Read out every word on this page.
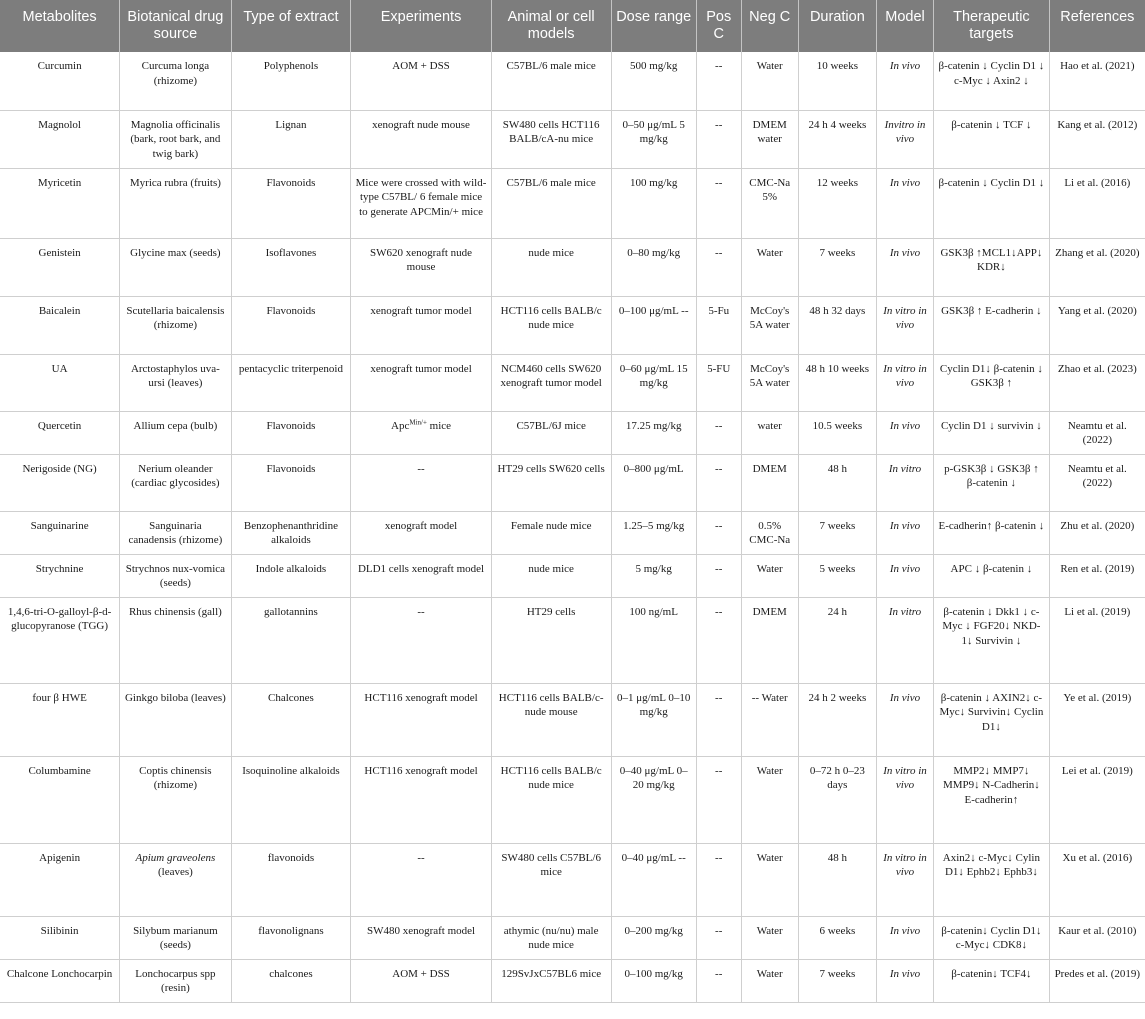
Metabolites	Biotanical drug source	Type of extract	Experiments	Animal or cell models	Dose range	Pos C	Neg C	Duration	Model	Therapeutic targets	References
Curcumin	Curcuma longa (rhizome)	Polyphenols	AOM + DSS	C57BL/6 male mice	500 mg/kg	--	Water	10 weeks	In vivo	β-catenin ↓ Cyclin D1 ↓ c-Myc ↓ Axin2 ↓	Hao et al. (2021)
Magnolol	Magnolia officinalis (bark, root bark, and twig bark)	Lignan	xenograft nude mouse	SW480 cells HCT116 BALB/cA-nu mice	0–50 μg/mL 5 mg/kg	--	DMEM water	24 h 4 weeks	Invitro in vivo	β-catenin ↓ TCF ↓	Kang et al. (2012)
Myricetin	Myrica rubra (fruits)	Flavonoids	Mice were crossed with wild-type C57BL/ 6 female mice to generate APCMin/+ mice	C57BL/6 male mice	100 mg/kg	--	CMC-Na 5%	12 weeks	In vivo	β-catenin ↓ Cyclin D1 ↓	Li et al. (2016)
Genistein	Glycine max (seeds)	Isoflavones	SW620 xenograft nude mouse	nude mice	0–80 mg/kg	--	Water	7 weeks	In vivo	GSK3β ↑MCL1↓APP↓ KDR↓	Zhang et al. (2020)
Baicalein	Scutellaria baicalensis (rhizome)	Flavonoids	xenograft tumor model	HCT116 cells BALB/c nude mice	0–100 μg/mL --	5-Fu	McCoy's 5A water	48 h 32 days	In vitro in vivo	GSK3β ↑ E-cadherin ↓	Yang et al. (2020)
UA	Arctostaphylos uva-ursi (leaves)	pentacyclic triterpenoid	xenograft tumor model	NCM460 cells SW620 xenograft tumor model	0–60 μg/mL 15 mg/kg	5-FU	McCoy's 5A water	48 h 10 weeks	In vitro in vivo	Cyclin D1↓ β-catenin ↓ GSK3β ↑	Zhao et al. (2023)
Quercetin	Allium cepa (bulb)	Flavonoids	Apc$^{Min/+}$ mice	C57BL/6J mice	17.25 mg/kg	--	water	10.5 weeks	In vivo	Cyclin D1 ↓ survivin ↓	Neamtu et al. (2022)
Nerigoside (NG)	Nerium oleander (cardiac glycosides)	Flavonoids	--	HT29 cells SW620 cells	0–800 μg/mL	--	DMEM	48 h	In vitro	p-GSK3β ↓ GSK3β ↑ β-catenin ↓	Neamtu et al. (2022)
Sanguinarine	Sanguinaria canadensis (rhizome)	Benzophenanthridine alkaloids	xenograft model	Female nude mice	1.25–5 mg/kg	--	0.5% CMC-Na	7 weeks	In vivo	E-cadherin↑ β-catenin ↓	Zhu et al. (2020)
Strychnine	Strychnos nux-vomica (seeds)	Indole alkaloids	DLD1 cells xenograft model	nude mice	5 mg/kg	--	Water	5 weeks	In vivo	APC ↓ β-catenin ↓	Ren et al. (2019)
1,4,6-tri-O-galloyl-β-d-glucopyranose (TGG)	Rhus chinensis (gall)	gallotannins	--	HT29 cells	100 ng/mL	--	DMEM	24 h	In vitro	β-catenin ↓ Dkk1 ↓ c-Myc ↓ FGF20↓ NKD-1↓ Survivin ↓	Li et al. (2019)
four β HWE	Ginkgo biloba (leaves)	Chalcones	HCT116 xenograft model	HCT116 cells BALB/c-nude mouse	0–1 μg/mL 0–10 mg/kg	--	-- Water	24 h 2 weeks	In vivo	β-catenin ↓ AXIN2↓ c-Myc↓ Survivin↓ Cyclin D1↓	Ye et al. (2019)
Columbamine	Coptis chinensis (rhizome)	Isoquinoline alkaloids	HCT116 xenograft model	HCT116 cells BALB/c nude mice	0–40 μg/mL 0–20 mg/kg	--	Water	0–72 h 0–23 days	In vitro in vivo	MMP2↓ MMP7↓ MMP9↓ N-Cadherin↓ E-cadherin↑	Lei et al. (2019)
Apigenin	Apium graveolens (leaves)	flavonoids	--	SW480 cells C57BL/6 mice	0–40 μg/mL --	--	Water	48 h	In vitro in vivo	Axin2↓ c-Myc↓ Cylin D1↓ Ephb2↓ Ephb3↓	Xu et al. (2016)
Silibinin	Silybum marianum (seeds)	flavonolignans	SW480 xenograft model	athymic (nu/nu) male nude mice	0–200 mg/kg	--	Water	6 weeks	In vivo	β-catenin↓ Cyclin D1↓ c-Myc↓ CDK8↓	Kaur et al. (2010)
Chalcone Lonchocarpin	Lonchocarpus spp (resin)	chalcones	AOM + DSS	129SvJxC57BL6 mice	0–100 mg/kg	--	Water	7 weeks	In vivo	β-catenin↓ TCF4↓	Predes et al. (2019)
